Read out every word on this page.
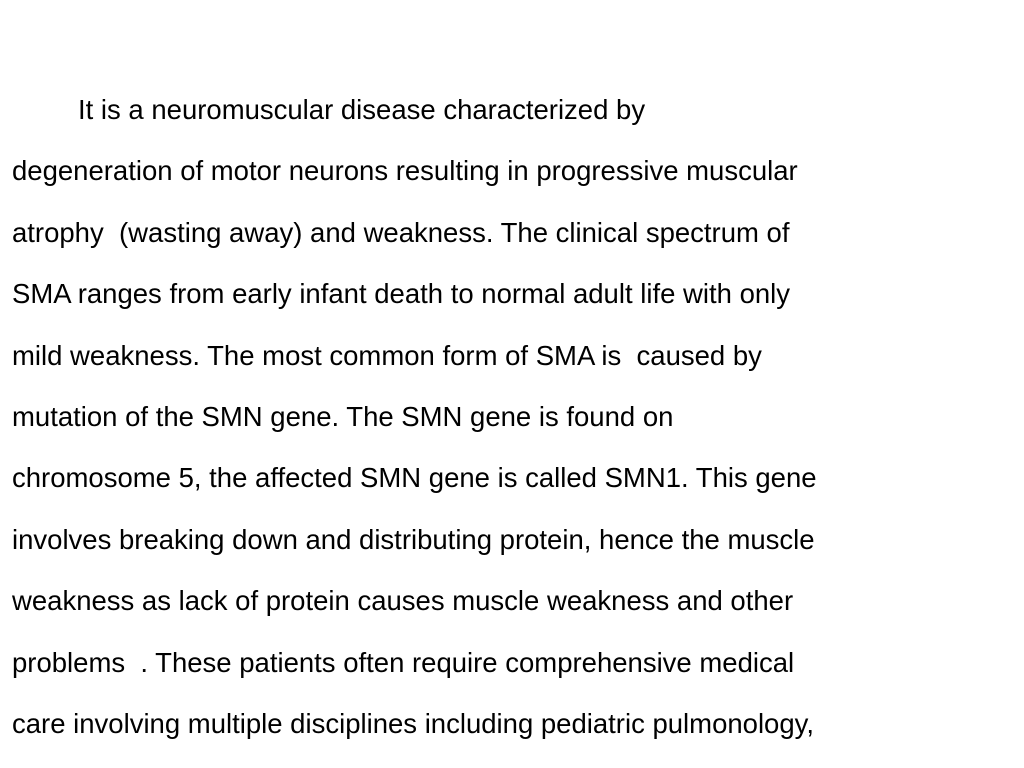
It is a neuromuscular disease characterized by
degeneration of motor neurons resulting in progressive muscular
atrophy  (wasting away) and weakness. The clinical spectrum of
SMA ranges from early infant death to normal adult life with only
mild weakness. The most common form of SMA is  caused by
mutation of the SMN gene. The SMN gene is found on
chromosome 5, the affected SMN gene is called SMN1. This gene
involves breaking down and distributing protein, hence the muscle
weakness as lack of protein causes muscle weakness and other
problems  . These patients often require comprehensive medical
care involving multiple disciplines including pediatric pulmonology,
